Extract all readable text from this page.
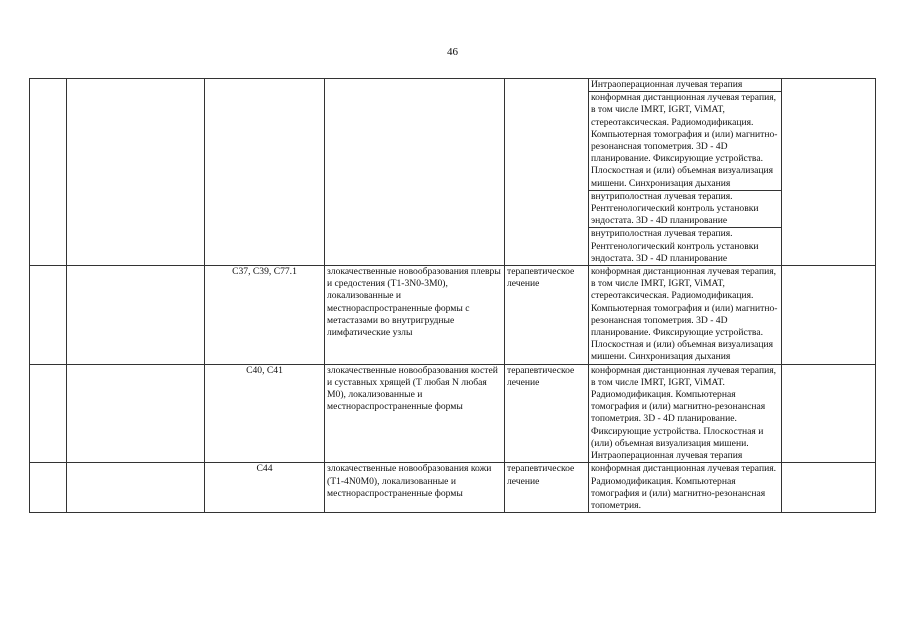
46
					Интраоперационная лучевая терапия	
					конформная дистанционная лучевая терапия, в том числе IMRT, IGRT, ViMAT, стереотаксическая. Радиомодификация. Компьютерная томография и (или) магнитно-резонансная топометрия. 3D - 4D планирование. Фиксирующие устройства. Плоскостная и (или) объемная визуализация мишени. Синхронизация дыхания	
					внутриполостная лучевая терапия. Рентгенологический контроль установки эндостата. 3D - 4D планирование	
					внутриполостная лучевая терапия. Рентгенологический контроль установки эндостата. 3D - 4D планирование	
		C37, C39, C77.1	злокачественные новообразования плевры и средостения (T1-3N0-3M0), локализованные и местнораспространенные формы с метастазами во внутригрудные лимфатические узлы	терапевтическое лечение	конформная дистанционная лучевая терапия, в том числе IMRT, IGRT, ViMAT, стереотаксическая. Радиомодификация. Компьютерная томография и (или) магнитно-резонансная топометрия. 3D - 4D планирование. Фиксирующие устройства. Плоскостная и (или) объемная визуализация мишени. Синхронизация дыхания	
		C40, C41	злокачественные новообразования костей и суставных хрящей (T любая N любая M0), локализованные и местнораспространенные формы	терапевтическое лечение	конформная дистанционная лучевая терапия, в том числе IMRT, IGRT, ViMAT. Радиомодификация. Компьютерная томография и (или) магнитно-резонансная топометрия. 3D - 4D планирование. Фиксирующие устройства. Плоскостная и (или) объемная визуализация мишени. Интраоперационная лучевая терапия	
		C44	злокачественные новообразования кожи (T1-4N0M0), локализованные и местнораспространенные формы	терапевтическое лечение	конформная дистанционная лучевая терапия. Радиомодификация. Компьютерная томография и (или) магнитно-резонансная топометрия.	
